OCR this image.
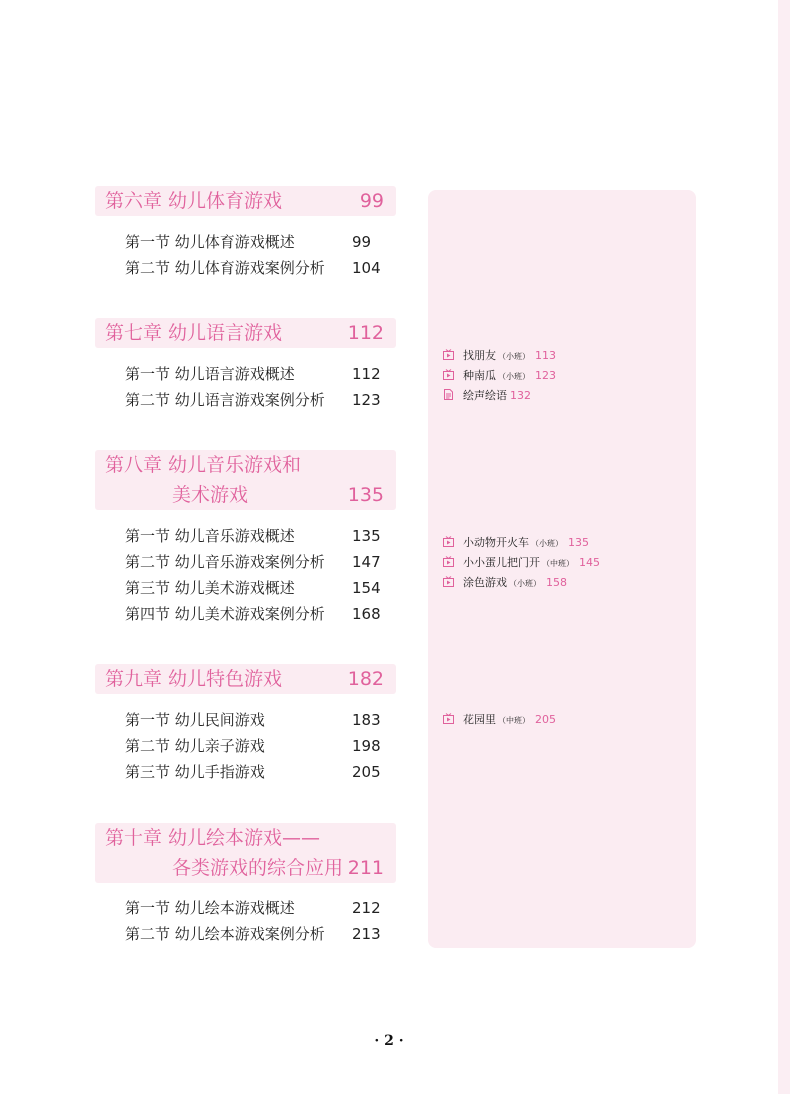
第六章 幼儿体育游戏	99
第一节 幼儿体育游戏概述	99
第二节 幼儿体育游戏案例分析 104
第七章 幼儿语言游戏	112
第一节 幼儿语言游戏概述	112
第二节 幼儿语言游戏案例分析 123
找朋友 （小班） 113
种南瓜 （小班） 123
绘声绘语 132
第八章 幼儿音乐游戏和
美术游戏	135
第一节 幼儿音乐游戏概述	135
第二节 幼儿音乐游戏案例分析 147
第三节 幼儿美术游戏概述	154
第四节 幼儿美术游戏案例分析 168
小动物开火车 （小班） 135
小小蛋儿把门开 （中班） 145
涂色游戏 （小班） 158
第九章 幼儿特色游戏	182
第一节 幼儿民间游戏	183
第二节 幼儿亲子游戏	198
第三节 幼儿手指游戏	205
花园里 （中班） 205
第十章 幼儿绘本游戏——
各类游戏的综合应用 211
第一节 幼儿绘本游戏概述	212
第二节 幼儿绘本游戏案例分析 213
· 2 ·
